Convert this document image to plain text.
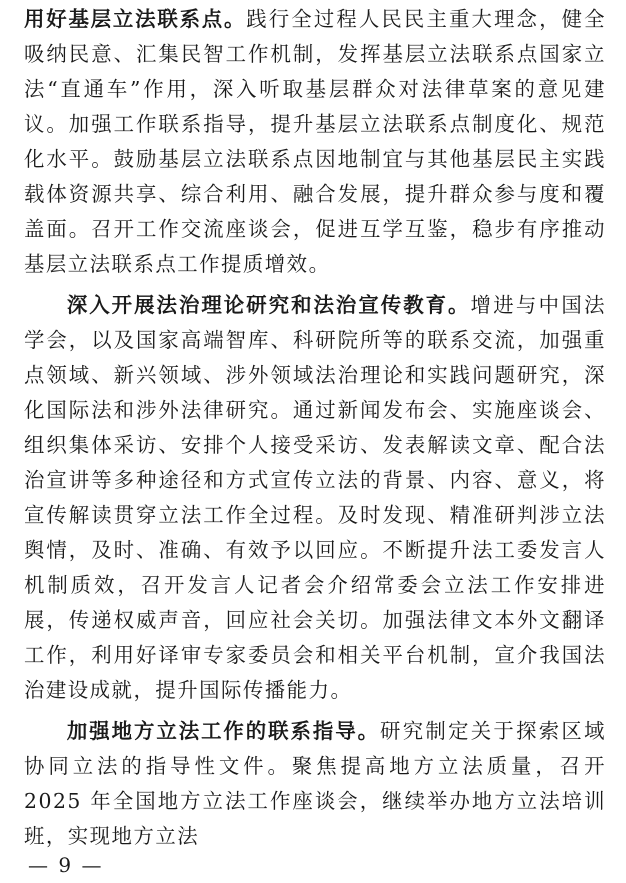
用好基层立法联系点。践行全过程人民民主重大理念，健全吸纳民意、汇集民智工作机制，发挥基层立法联系点国家立法“直通车”作用，深入听取基层群众对法律草案的意见建议。加强工作联系指导，提升基层立法联系点制度化、规范化水平。鼓励基层立法联系点因地制宜与其他基层民主实践载体资源共享、综合利用、融合发展，提升群众参与度和覆盖面。召开工作交流座谈会，促进互学互鉴，稳步有序推动基层立法联系点工作提质增效。

深入开展法治理论研究和法治宣传教育。增进与中国法学会，以及国家高端智库、科研院所等的联系交流，加强重点领域、新兴领域、涉外领域法治理论和实践问题研究，深化国际法和涉外法律研究。通过新闻发布会、实施座谈会、组织集体采访、安排个人接受采访、发表解读文章、配合法治宣讲等多种途径和方式宣传立法的背景、内容、意义，将宣传解读贯穿立法工作全过程。及时发现、精准研判涉立法舆情，及时、准确、有效予以回应。不断提升法工委发言人机制质效，召开发言人记者会介绍常委会立法工作安排进展，传递权威声音，回应社会关切。加强法律文本外文翻译工作，利用好译审专家委员会和相关平台机制，宣介我国法治建设成就，提升国际传播能力。

加强地方立法工作的联系指导。研究制定关于探索区域协同立法的指导性文件。聚焦提高地方立法质量，召开 2025 年全国地方立法工作座谈会，继续举办地方立法培训班，实现地方立法

— 9 —
